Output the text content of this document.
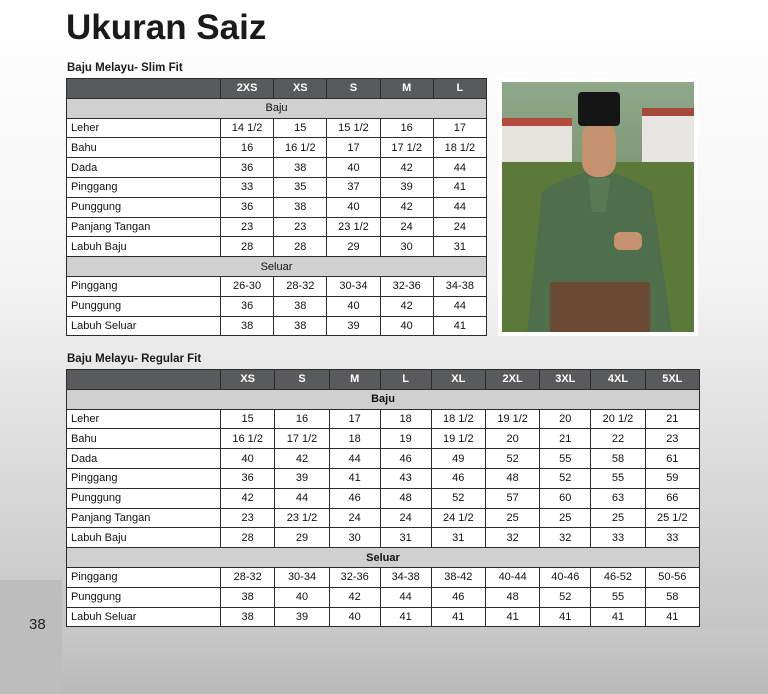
Ukuran Saiz
Baju Melayu- Slim Fit
	2XS	XS	S	M	L
Baju					
Leher	14 1/2	15	15 1/2	16	17
Bahu	16	16 1/2	17	17 1/2	18 1/2
Dada	36	38	40	42	44
Pinggang	33	35	37	39	41
Punggung	36	38	40	42	44
Panjang Tangan	23	23	23 1/2	24	24
Labuh Baju	28	28	29	30	31
Seluar					
Pinggang	26-30	28-32	30-34	32-36	34-38
Punggung	36	38	40	42	44
Labuh Seluar	38	38	39	40	41
Baju Melayu- Regular Fit
	XS	S	M	L	XL	2XL	3XL	4XL	5XL
Baju									
Leher	15	16	17	18	18 1/2	19 1/2	20	20 1/2	21
Bahu	16 1/2	17 1/2	18	19	19 1/2	20	21	22	23
Dada	40	42	44	46	49	52	55	58	61
Pinggang	36	39	41	43	46	48	52	55	59
Punggung	42	44	46	48	52	57	60	63	66
Panjang Tangan	23	23 1/2	24	24	24 1/2	25	25	25	25 1/2
Labuh Baju	28	29	30	31	31	32	32	33	33
Seluar									
Pinggang	28-32	30-34	32-36	34-38	38-42	40-44	40-46	46-52	50-56
Punggung	38	40	42	44	46	48	52	55	58
Labuh Seluar	38	39	40	41	41	41	41	41	41
38
